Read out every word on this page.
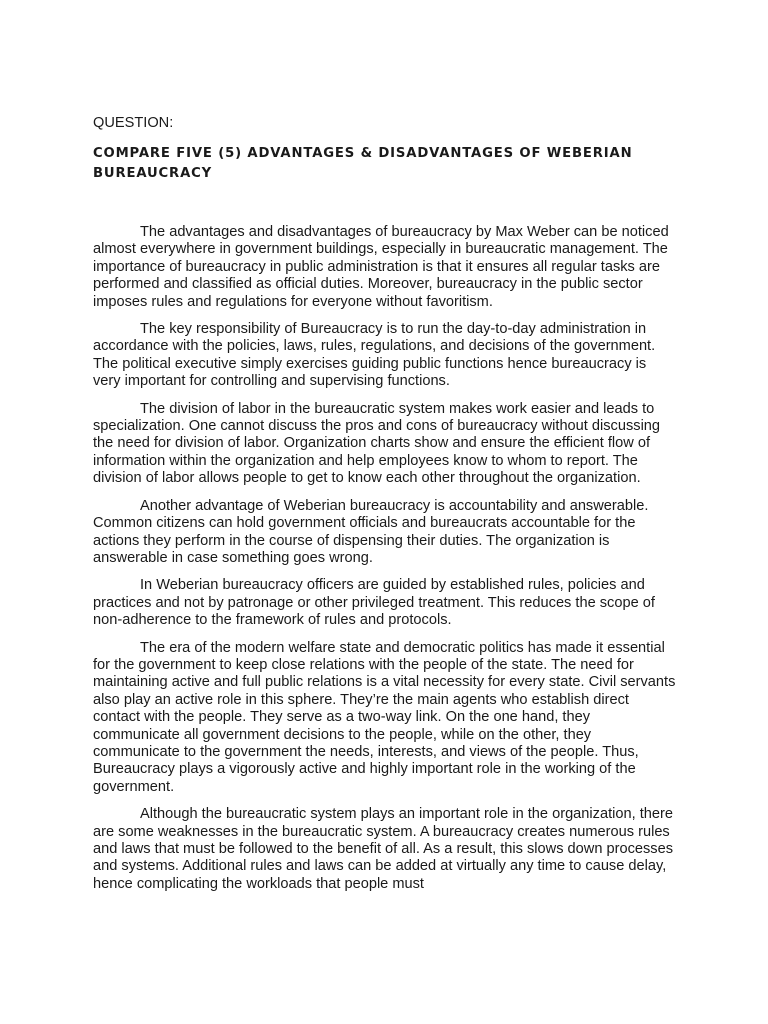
QUESTION:

COMPARE FIVE (5) ADVANTAGES & DISADVANTAGES OF WEBERIAN BUREAUCRACY

The advantages and disadvantages of bureaucracy by Max Weber can be noticed almost everywhere in government buildings, especially in bureaucratic management. The importance of bureaucracy in public administration is that it ensures all regular tasks are performed and classified as official duties. Moreover, bureaucracy in the public sector imposes rules and regulations for everyone without favoritism.

The key responsibility of Bureaucracy is to run the day-to-day administration in accordance with the policies, laws, rules, regulations, and decisions of the government. The political executive simply exercises guiding public functions hence bureaucracy is very important for controlling and supervising functions.

The division of labor in the bureaucratic system makes work easier and leads to specialization. One cannot discuss the pros and cons of bureaucracy without discussing the need for division of labor. Organization charts show and ensure the efficient flow of information within the organization and help employees know to whom to report. The division of labor allows people to get to know each other throughout the organization.

Another advantage of Weberian bureaucracy is accountability and answerable. Common citizens can hold government officials and bureaucrats accountable for the actions they perform in the course of dispensing their duties. The organization is answerable in case something goes wrong.

In Weberian bureaucracy officers are guided by established rules, policies and practices and not by patronage or other privileged treatment. This reduces the scope of non-adherence to the framework of rules and protocols.

The era of the modern welfare state and democratic politics has made it essential for the government to keep close relations with the people of the state. The need for maintaining active and full public relations is a vital necessity for every state. Civil servants also play an active role in this sphere. They’re the main agents who establish direct contact with the people. They serve as a two-way link. On the one hand, they communicate all government decisions to the people, while on the other, they communicate to the government the needs, interests, and views of the people. Thus, Bureaucracy plays a vigorously active and highly important role in the working of the government.

Although the bureaucratic system plays an important role in the organization, there are some weaknesses in the bureaucratic system. A bureaucracy creates numerous rules and laws that must be followed to the benefit of all. As a result, this slows down processes and systems. Additional rules and laws can be added at virtually any time to cause delay, hence complicating the workloads that people must
